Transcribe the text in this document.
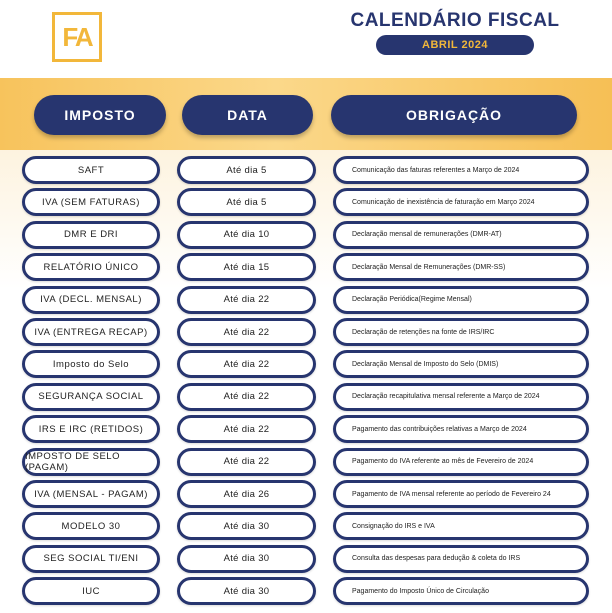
FA
CALENDÁRIO FISCAL
ABRIL 2024
IMPOSTO	DATA	OBRIGAÇÃO
SAFT	Até dia 5	Comunicação das faturas referentes a Março de 2024
IVA (SEM FATURAS)	Até dia 5	Comunicação de inexistência de faturação em Março 2024
DMR E DRI	Até dia 10	Declaração mensal de remunerações (DMR-AT)
RELATÓRIO ÚNICO	Até dia 15	Declaração Mensal de Remunerações (DMR-SS)
IVA (DECL. MENSAL)	Até dia 22	Declaração Periódica(Regime Mensal)
IVA (ENTREGA RECAP)	Até dia 22	Declaração de retenções na fonte de IRS/IRC
Imposto do Selo	Até dia 22	Declaração Mensal de Imposto do Selo (DMIS)
SEGURANÇA SOCIAL	Até dia 22	Declaração recapitulativa mensal referente a Março de 2024
IRS E IRC (RETIDOS)	Até dia 22	Pagamento das contribuições relativas a Março de 2024
IMPOSTO DE SELO (PAGAM)	Até dia 22	Pagamento do IVA referente ao mês de Fevereiro de 2024
IVA (MENSAL - PAGAM)	Até dia 26	Pagamento de IVA mensal referente ao período de Fevereiro 24
MODELO 30	Até dia 30	Consignação do IRS e IVA
SEG SOCIAL TI/ENI	Até dia 30	Consulta das despesas para dedução & coleta do IRS
IUC	Até dia 30	Pagamento do Imposto Único de Circulação
